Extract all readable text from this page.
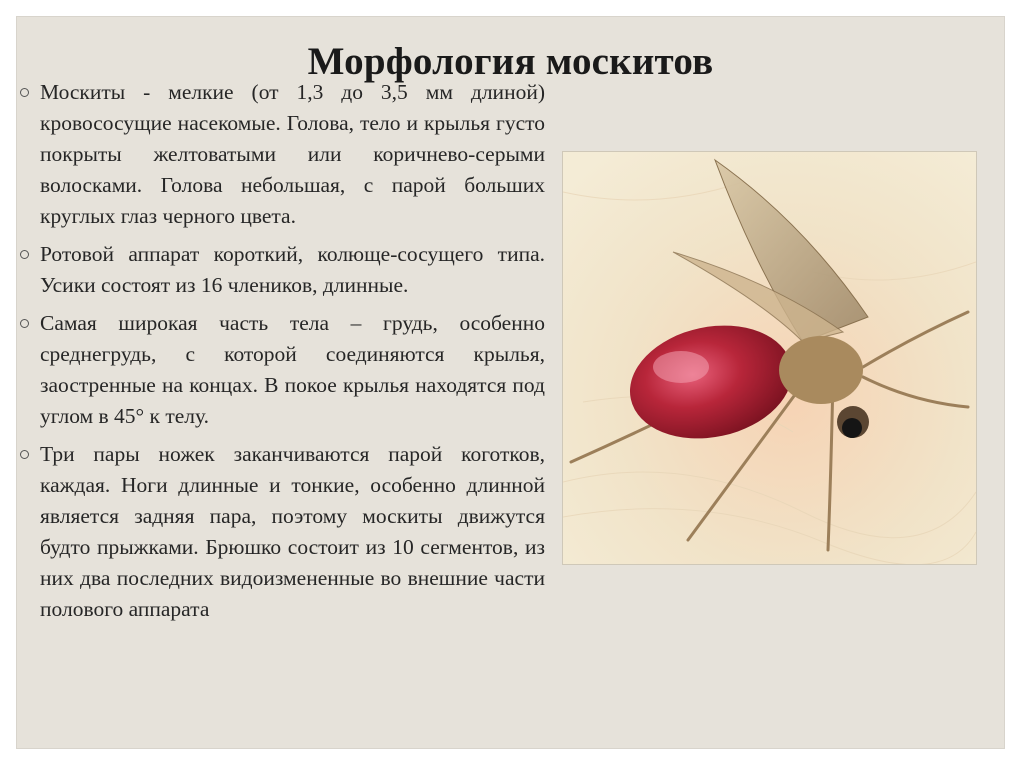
Морфология москитов
Москиты - мелкие (от 1,3 до 3,5 мм длиной) кровососущие насекомые. Голова, тело и крылья густо покрыты желтоватыми или коричнево-серыми волосками. Голова небольшая, с парой больших круглых глаз черного цвета.
Ротовой аппарат короткий, колюще-сосущего типа. Усики состоят из 16 члеников, длинные.
Самая широкая часть тела – грудь, особенно среднегрудь, с которой соединяются крылья, заостренные на концах. В покое крылья находятся под углом в 45° к телу.
Три пары ножек заканчиваются парой коготков, каждая. Ноги длинные и тонкие, особенно длинной является задняя пара, поэтому москиты движутся будто прыжками. Брюшко состоит из 10 сегментов, из них два последних видоизмененные во внешние части полового аппарата
